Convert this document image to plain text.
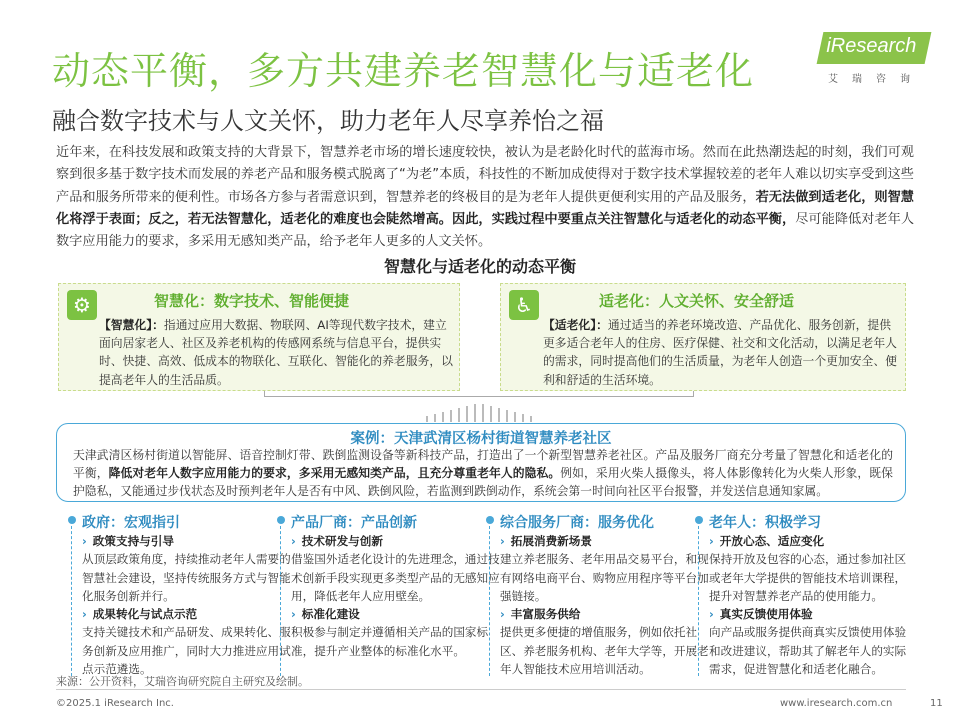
动态平衡，多方共建养老智慧化与适老化
iResearch
艾瑞咨询
融合数字技术与人文关怀，助力老年人尽享养怡之福
近年来，在科技发展和政策支持的大背景下，智慧养老市场的增长速度较快，被认为是老龄化时代的蓝海市场。然而在此热潮迭起的时刻，我们可观察到很多基于数字技术而发展的养老产品和服务模式脱离了“为老”本质，科技性的不断加成使得对于数字技术掌握较差的老年人难以切实享受到这些产品和服务所带来的便利性。市场各方参与者需意识到，智慧养老的终极目的是为老年人提供更便利实用的产品及服务，若无法做到适老化，则智慧化将浮于表面；反之，若无法智慧化，适老化的难度也会陡然增高。因此，实践过程中要重点关注智慧化与适老化的动态平衡，尽可能降低对老年人数字应用能力的要求，多采用无感知类产品，给予老年人更多的人文关怀。
智慧化与适老化的动态平衡
⚙	智慧化：数字技术、智能便捷
【智慧化】：指通过应用大数据、物联网、AI等现代数字技术，建立面向居家老人、社区及养老机构的传感网系统与信息平台，提供实时、快捷、高效、低成本的物联化、互联化、智能化的养老服务，以提高老年人的生活品质。
♿	适老化：人文关怀、安全舒适
【适老化】：通过适当的养老环境改造、产品优化、服务创新，提供更多适合老年人的住房、医疗保健、社交和文化活动，以满足老年人的需求，同时提高他们的生活质量，为老年人创造一个更加安全、便利和舒适的生活环境。
案例：天津武清区杨村街道智慧养老社区
天津武清区杨村街道以智能屏、语音控制灯带、跌倒监测设备等新科技产品，打造出了一个新型智慧养老社区。产品及服务厂商充分考量了智慧化和适老化的平衡，降低对老年人数字应用能力的要求，多采用无感知类产品，且充分尊重老年人的隐私。例如，采用火柴人摄像头，将人体影像转化为火柴人形象，既保护隐私，又能通过步伐状态及时预判老年人是否有中风、跌倒风险，若监测到跌倒动作，系统会第一时间向社区平台报警，并发送信息通知家属。
政府：宏观指引
› 政策支持与引导
从顶层政策角度，持续推动老年人需要的智慧社会建设，坚持传统服务方式与智能化服务创新并行。
› 成果转化与试点示范
支持关键技术和产品研发、成果转化、服务创新及应用推广，同时大力推进应用试点示范遴选。
产品厂商：产品创新
› 技术研发与创新
借鉴国外适老化设计的先进理念，通过技术创新手段实现更多类型产品的无感知应用，降低老年人应用壁垒。
› 标准化建设
积极参与制定并遵循相关产品的国家标准，提升产业整体的标准化水平。
综合服务厂商：服务优化
› 拓展消费新场景
建立养老服务、老年用品交易平台，和现有网络电商平台、购物应用程序等平台加强链接。
› 丰富服务供给
提供更多便捷的增值服务，例如依托社区、养老服务机构、老年大学等，开展老年人智能技术应用培训活动。
老年人：积极学习
› 开放心态、适应变化
保持开放及包容的心态，通过参加社区或老年大学提供的智能技术培训课程，提升对智慧养老产品的使用能力。
› 真实反馈使用体验
向产品或服务提供商真实反馈使用体验和改进建议，帮助其了解老年人的实际需求，促进智慧化和适老化融合。
来源：公开资料，艾瑞咨询研究院自主研究及绘制。
©2025.1 iResearch Inc.	www.iresearch.com.cn	11
